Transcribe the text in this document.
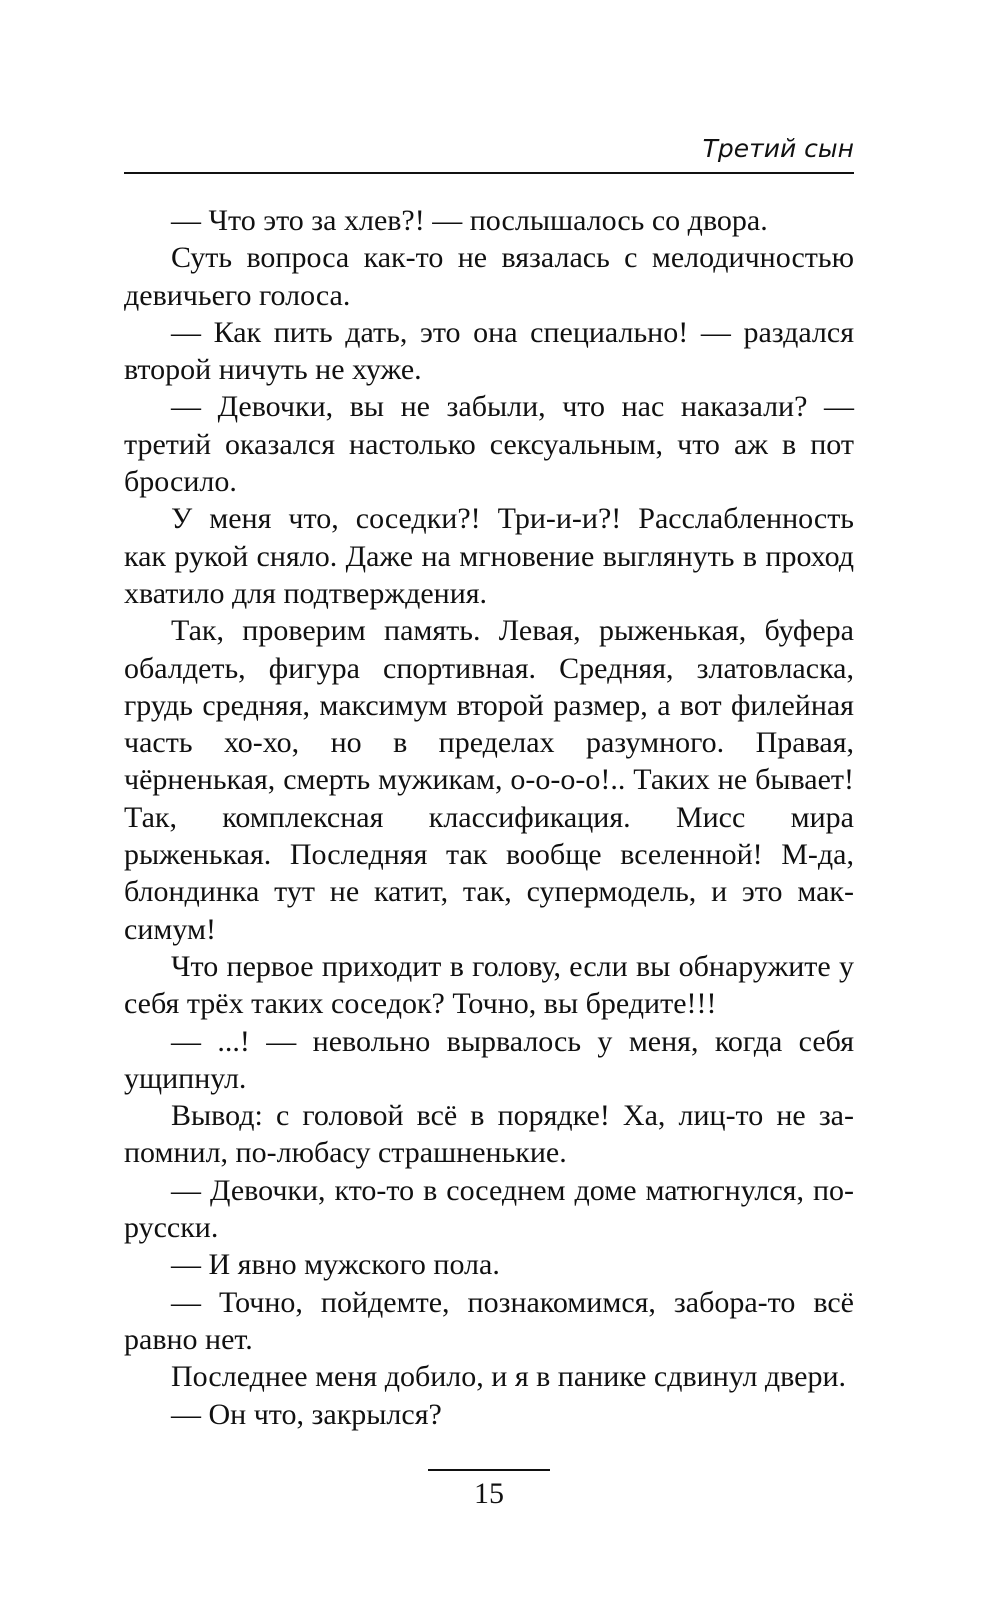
Третий сын

— Что это за хлев?! — послышалось со двора.

Суть вопроса как-то не вязалась с мелодичностью девичьего голоса.

— Как пить дать, это она специально! — раздался второй ничуть не хуже.

— Девочки, вы не забыли, что нас наказали? — третий оказался настолько сексуальным, что аж в пот бросило.

У меня что, соседки?! Три-и-и?! Расслабленность как рукой сняло. Даже на мгновение выглянуть в проход хватило для подтверждения.

Так, проверим память. Левая, рыженькая, буфера обалдеть, фигура спортивная. Средняя, златовласка, грудь средняя, максимум второй размер, а вот филейная часть хо-хо, но в пределах разумного. Правая, чёрненькая, смерть мужикам, о-о-о-о!.. Таких не бывает! Так, комплексная классификация. Мисс мира рыженькая. Последняя так вообще вселенной! М-да, блондинка тут не катит, так, супермодель, и это максимум!

Что первое приходит в голову, если вы обнаружите у себя трёх таких соседок? Точно, вы бредите!!!

— ...! — невольно вырвалось у меня, когда себя ущипнул.

Вывод: с головой всё в порядке! Ха, лиц-то не запомнил, по-любасу страшненькие.

— Девочки, кто-то в соседнем доме матюгнулся, по-русски.

— И явно мужского пола.

— Точно, пойдемте, познакомимся, забора-то всё равно нет.

Последнее меня добило, и я в панике сдвинул двери.

— Он что, закрылся?

15
